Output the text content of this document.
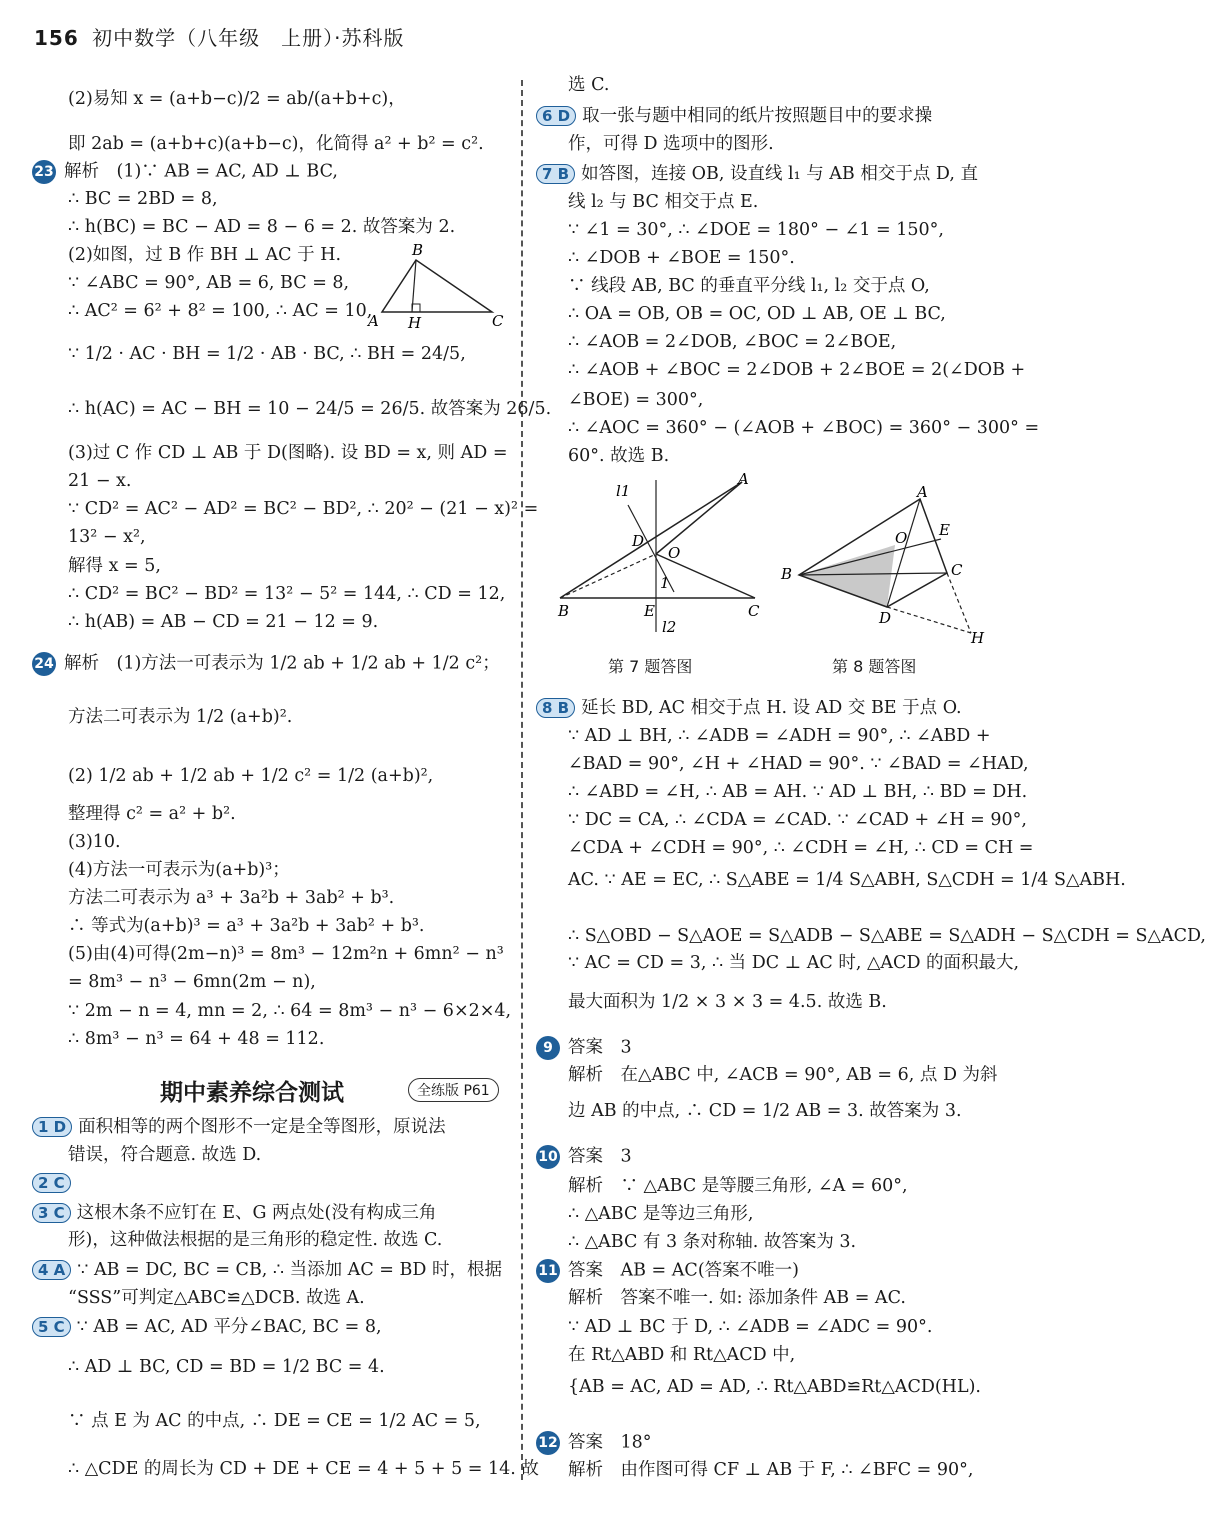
156 初中数学（八年级　上册）·苏科版
(2)易知 x = (a+b−c)/2 = ab/(a+b+c)，
即 2ab = (a+b+c)(a+b−c)，化简得 a² + b² = c².
23 解析　(1)∵ AB = AC, AD ⊥ BC,
∴ BC = 2BD = 8,
∴ h(BC) = BC − AD = 8 − 6 = 2. 故答案为 2.
(2)如图，过 B 作 BH ⊥ AC 于 H.
∵ ∠ABC = 90°, AB = 6, BC = 8,
∴ AC² = 6² + 8² = 100, ∴ AC = 10,
∵ 1/2 · AC · BH = 1/2 · AB · BC, ∴ BH = 24/5,
∴ h(AC) = AC − BH = 10 − 24/5 = 26/5. 故答案为 26/5.
(3)过 C 作 CD ⊥ AB 于 D(图略). 设 BD = x, 则 AD =
21 − x.
∵ CD² = AC² − AD² = BC² − BD², ∴ 20² − (21 − x)² =
13² − x²,
解得 x = 5,
∴ CD² = BC² − BD² = 13² − 5² = 144, ∴ CD = 12,
∴ h(AB) = AB − CD = 21 − 12 = 9.
24 解析　(1)方法一可表示为 1/2 ab + 1/2 ab + 1/2 c²；
方法二可表示为 1/2 (a+b)².
(2) 1/2 ab + 1/2 ab + 1/2 c² = 1/2 (a+b)²,
整理得 c² = a² + b².
(3)10.
(4)方法一可表示为(a+b)³；
方法二可表示为 a³ + 3a²b + 3ab² + b³.
∴ 等式为(a+b)³ = a³ + 3a²b + 3ab² + b³.
(5)由(4)可得(2m−n)³ = 8m³ − 12m²n + 6mn² − n³
= 8m³ − n³ − 6mn(2m − n),
∵ 2m − n = 4, mn = 2, ∴ 64 = 8m³ − n³ − 6×2×4,
∴ 8m³ − n³ = 64 + 48 = 112.
1 D 面积相等的两个图形不一定是全等图形，原说法
错误，符合题意. 故选 D.
2 C
3 C 这根木条不应钉在 E、G 两点处(没有构成三角
形)，这种做法根据的是三角形的稳定性. 故选 C.
4 A ∵ AB = DC, BC = CB, ∴ 当添加 AC = BD 时，根据
“SSS”可判定△ABC≌△DCB. 故选 A.
5 C ∵ AB = AC, AD 平分∠BAC, BC = 8,
∴ AD ⊥ BC, CD = BD = 1/2 BC = 4.
∵ 点 E 为 AC 的中点, ∴ DE = CE = 1/2 AC = 5,
∴ △CDE 的周长为 CD + DE + CE = 4 + 5 + 5 = 14. 故
选 C.
6 D 取一张与题中相同的纸片按照题目中的要求操
作，可得 D 选项中的图形.
7 B 如答图，连接 OB, 设直线 l₁ 与 AB 相交于点 D, 直
线 l₂ 与 BC 相交于点 E.
∵ ∠1 = 30°, ∴ ∠DOE = 180° − ∠1 = 150°,
∴ ∠DOB + ∠BOE = 150°.
∵ 线段 AB, BC 的垂直平分线 l₁, l₂ 交于点 O,
∴ OA = OB, OB = OC, OD ⊥ AB, OE ⊥ BC,
∴ ∠AOB = 2∠DOB, ∠BOC = 2∠BOE,
∴ ∠AOB + ∠BOC = 2∠DOB + 2∠BOE = 2(∠DOB +
∠BOE) = 300°,
∴ ∠AOC = 360° − (∠AOB + ∠BOC) = 360° − 300° =
60°. 故选 B.
8 B 延长 BD, AC 相交于点 H. 设 AD 交 BE 于点 O.
∵ AD ⊥ BH, ∴ ∠ADB = ∠ADH = 90°, ∴ ∠ABD +
∠BAD = 90°, ∠H + ∠HAD = 90°. ∵ ∠BAD = ∠HAD,
∴ ∠ABD = ∠H, ∴ AB = AH. ∵ AD ⊥ BH, ∴ BD = DH.
∵ DC = CA, ∴ ∠CDA = ∠CAD. ∵ ∠CAD + ∠H = 90°,
∠CDA + ∠CDH = 90°, ∴ ∠CDH = ∠H, ∴ CD = CH =
AC. ∵ AE = EC, ∴ S△ABE = 1/4 S△ABH, S△CDH = 1/4 S△ABH.
∴ S△OBD − S△AOE = S△ADB − S△ABE = S△ADH − S△CDH = S△ACD,
∵ AC = CD = 3, ∴ 当 DC ⊥ AC 时, △ACD 的面积最大,
最大面积为 1/2 × 3 × 3 = 4.5. 故选 B.
9 答案　3
解析　在△ABC 中, ∠ACB = 90°, AB = 6, 点 D 为斜
边 AB 的中点, ∴ CD = 1/2 AB = 3. 故答案为 3.
10 答案　3
解析　∵ △ABC 是等腰三角形, ∠A = 60°,
∴ △ABC 是等边三角形,
∴ △ABC 有 3 条对称轴. 故答案为 3.
11 答案　AB = AC(答案不唯一)
解析　答案不唯一. 如: 添加条件 AB = AC.
∵ AD ⊥ BC 于 D, ∴ ∠ADB = ∠ADC = 90°.
在 Rt△ABD 和 Rt△ACD 中,
{AB = AC, AD = AD, ∴ Rt△ABD≌Rt△ACD(HL).
12 答案　18°
解析　由作图可得 CF ⊥ AB 于 F, ∴ ∠BFC = 90°,
期中素养综合测试	全练版 P61
B
A H	C
l1
A
D
O
1
B	E	C
l2
A
O E
B	C
D
H
第 7 题答图	第 8 题答图
